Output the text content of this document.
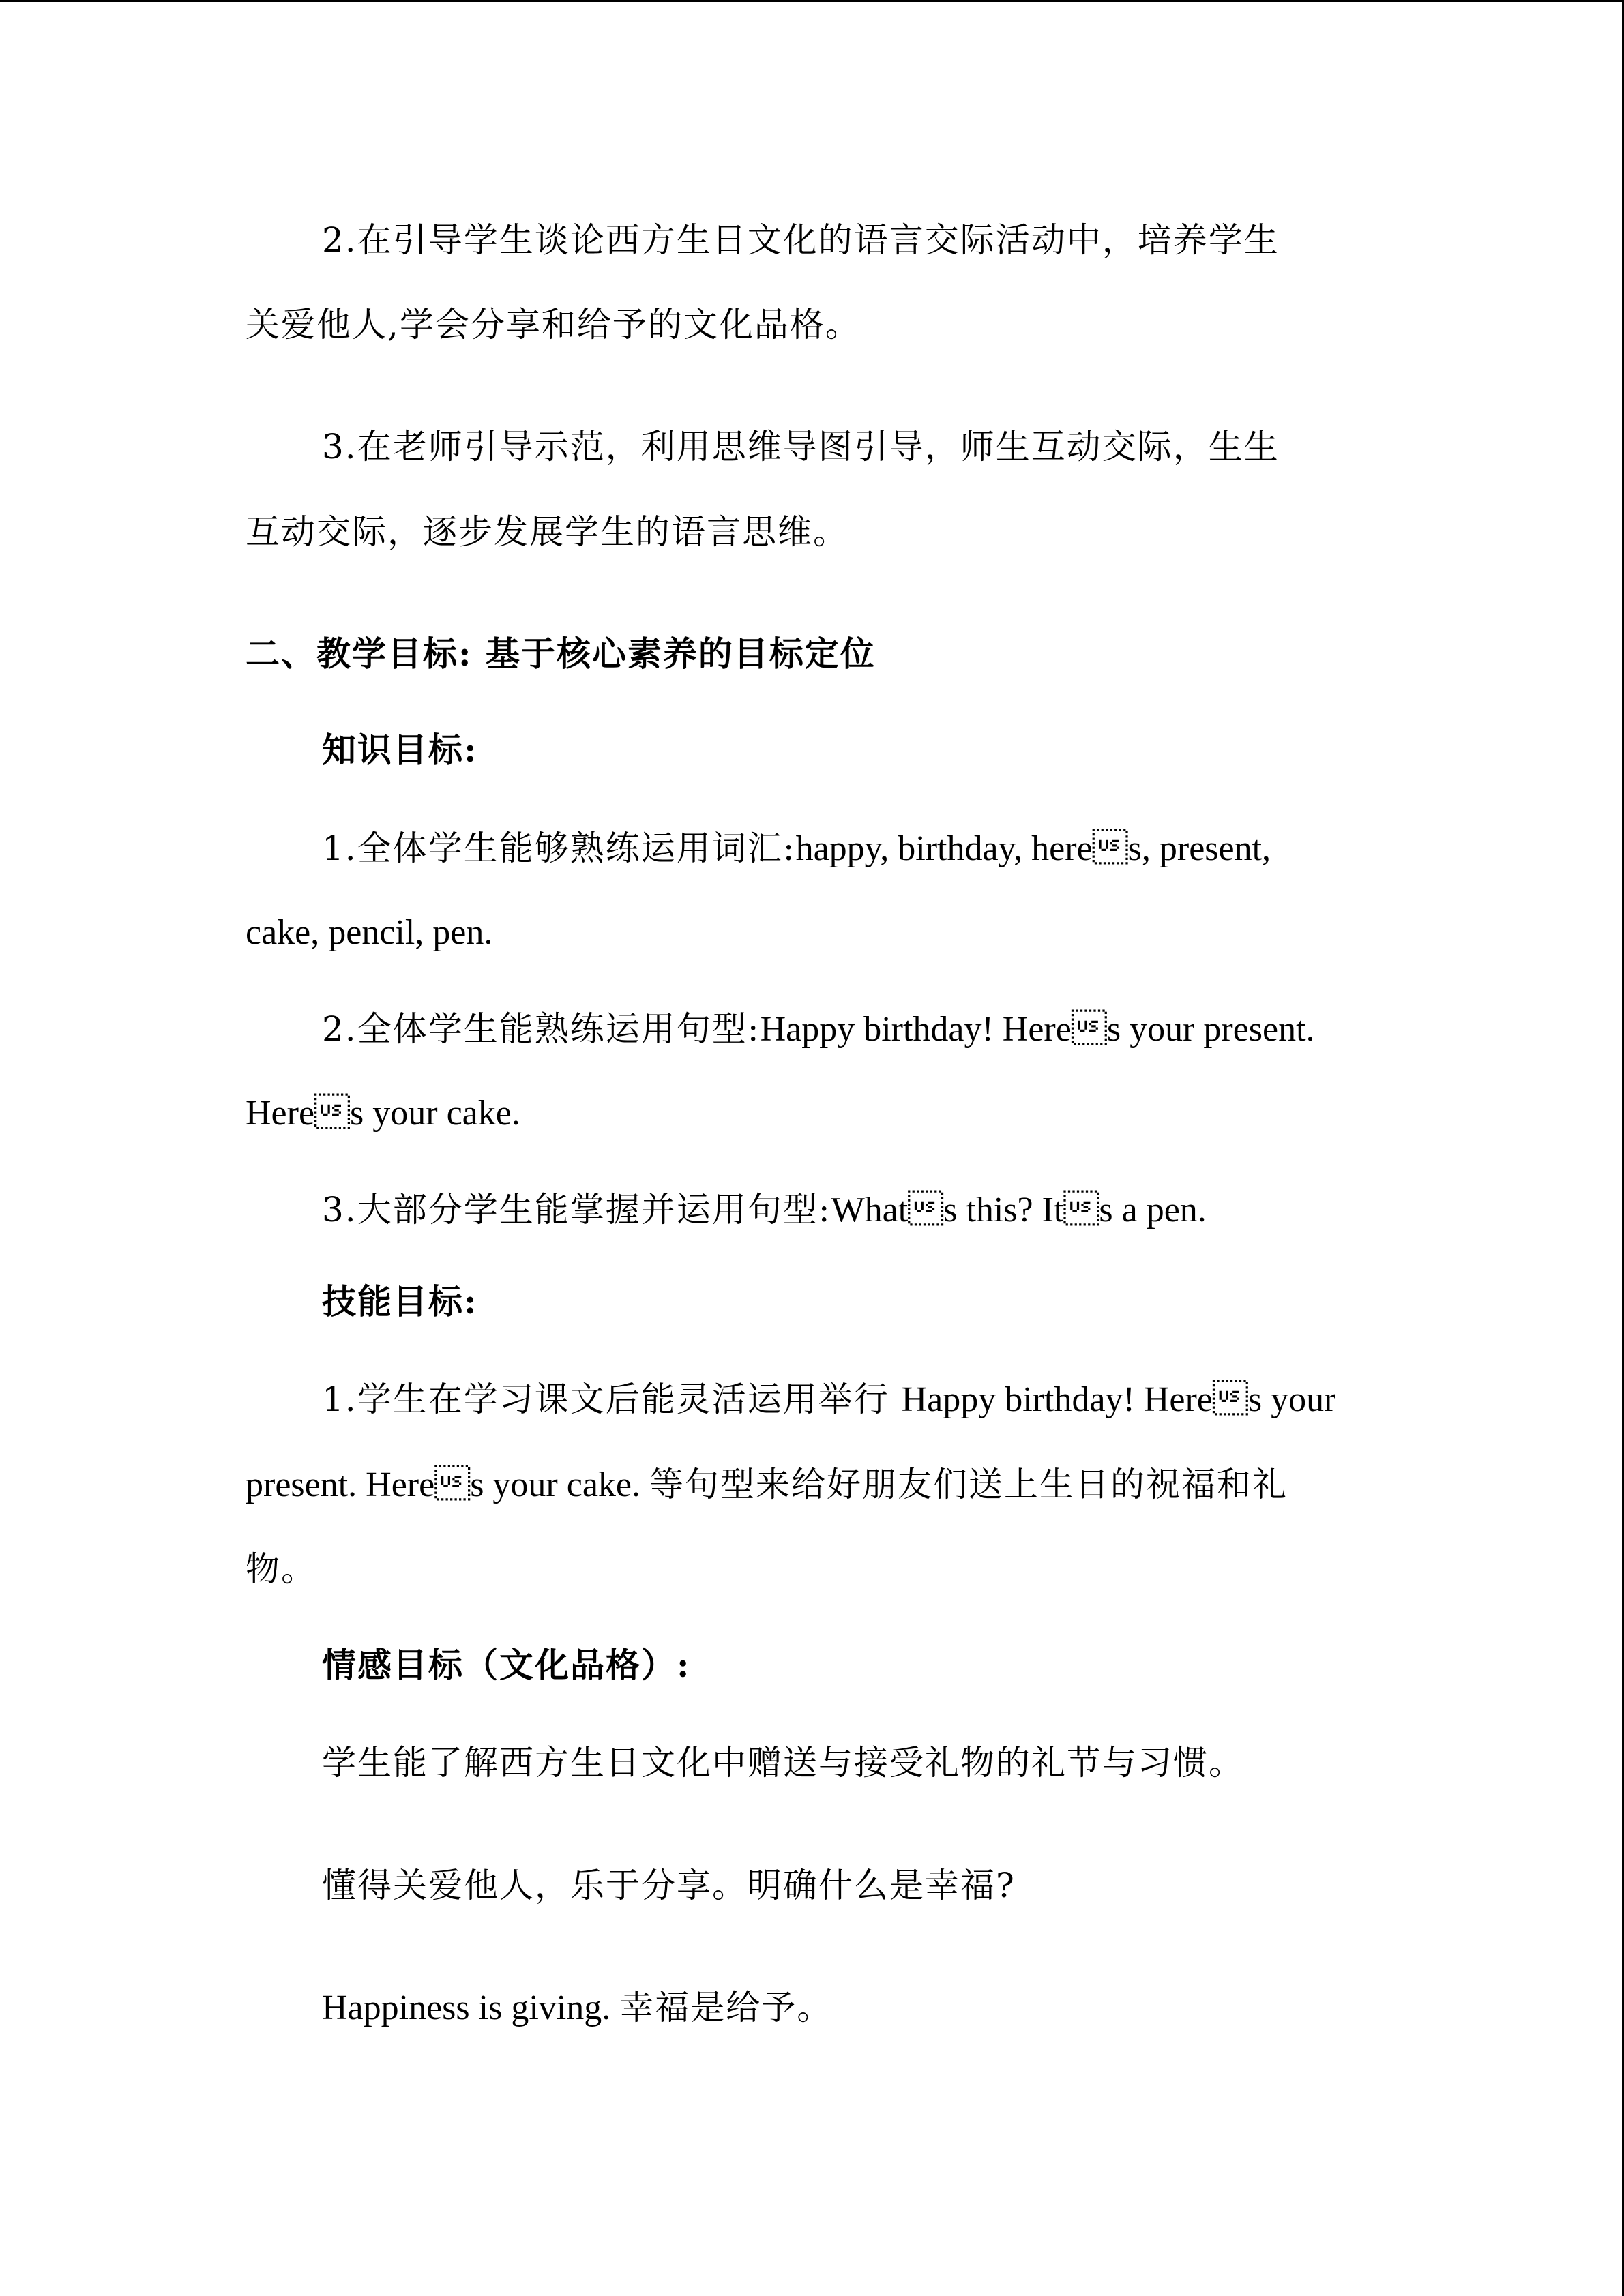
2.在引导学生谈论西方生日文化的语言交际活动中，培养学生
关爱他人,学会分享和给予的文化品格。
3.在老师引导示范，利用思维导图引导，师生互动交际，生生
互动交际，逐步发展学生的语言思维。
二、教学目标: 基于核心素养的目标定位
知识目标:
1.全体学生能够熟练运用词汇:happy, birthday, heres, present,
cake, pencil, pen.
2.全体学生能熟练运用句型:Happy birthday! Heres your present.
Heres your cake.
3.大部分学生能掌握并运用句型:Whats this? Its a pen.
技能目标:
1.学生在学习课文后能灵活运用举行 Happy birthday! Heres your
present. Heres your cake. 等句型来给好朋友们送上生日的祝福和礼
物。
情感目标（文化品格）:
学生能了解西方生日文化中赠送与接受礼物的礼节与习惯。
懂得关爱他人，乐于分享。明确什么是幸福?
Happiness is giving. 幸福是给予。
